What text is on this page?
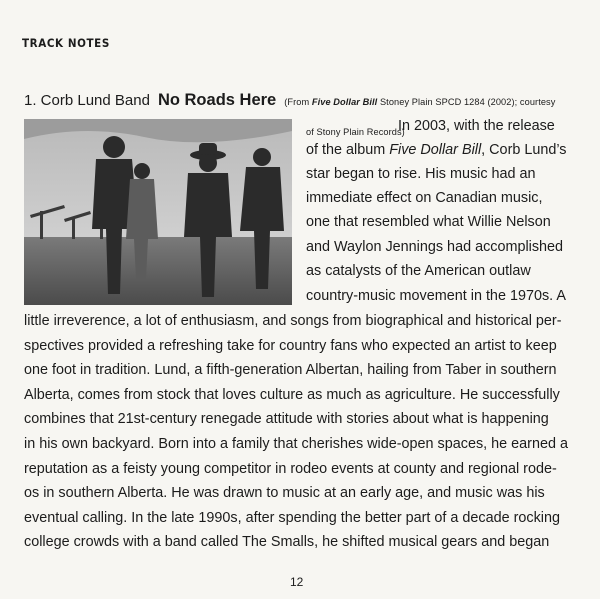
TRACK NOTES
1. Corb Lund Band No Roads Here (From Five Dollar Bill Stoney Plain SPCD 1284 (2002); courtesy
of Stony Plain Records)
In 2003, with the release
of the album Five Dollar Bill, Corb Lund’s
star began to rise. His music had an
immediate effect on Canadian music,
one that resembled what Willie Nelson
and Waylon Jennings had accomplished
as catalysts of the American outlaw
country-music movement in the 1970s. A
little irreverence, a lot of enthusiasm, and songs from biographical and historical per-
spectives provided a refreshing take for country fans who expected an artist to keep
one foot in tradition. Lund, a fifth-generation Albertan, hailing from Taber in southern
Alberta, comes from stock that loves culture as much as agriculture. He successfully
combines that 21st-century renegade attitude with stories about what is happening
in his own backyard. Born into a family that cherishes wide-open spaces, he earned a
reputation as a feisty young competitor in rodeo events at county and regional rode-
os in southern Alberta. He was drawn to music at an early age, and music was his
eventual calling. In the late 1990s, after spending the better part of a decade rocking
college crowds with a band called The Smalls, he shifted musical gears and began
12
